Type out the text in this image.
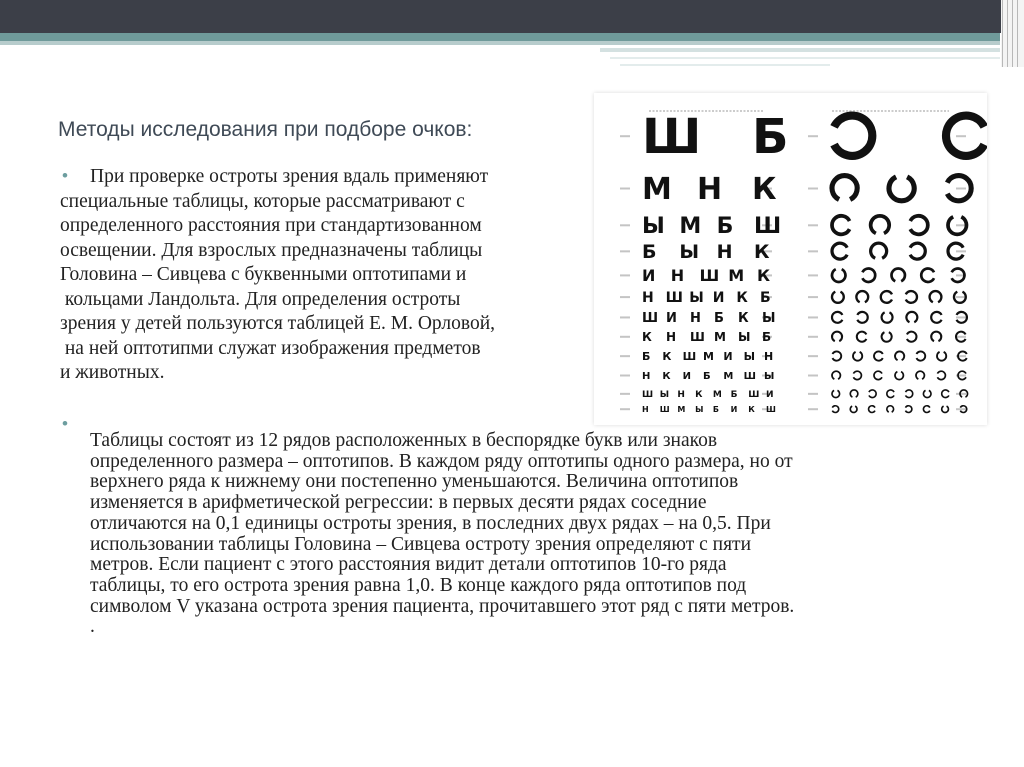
Методы исследования при подборе очков:
•	При проверке остроты зрения вдаль применяют
специальные таблицы, которые рассматривают с
определенного расстояния при стандартизованном
освещении. Для взрослых предназначены таблицы
Головина – Сивцева с буквенными оптотипами и
кольцами Ландольта. Для определения остроты
зрения у детей пользуются таблицей Е. М. Орловой,
на ней оптотипми служат изображения предметов
и животных.
•
Таблицы состоят из 12 рядов расположенных в беспорядке букв или знаков
определенного размера – оптотипов. В каждом ряду оптотипы одного размера, но от
верхнего ряда к нижнему они постепенно уменьшаются. Величина оптотипов
изменяется в арифметической регрессии: в первых десяти рядах соседние
отличаются на 0,1 единицы остроты зрения, в последних двух рядах – на 0,5. При
использовании таблицы Головина – Сивцева остроту зрения определяют с пяти
метров. Если пациент с этого расстояния видит детали оптотипов 10-го ряда
таблицы, то его острота зрения равна 1,0. В конце каждого ряда оптотипов под
символом V указана острота зрения пациента, прочитавшего этот ряд с пяти метров.
.
Ш Б
М Н К
Ы М Б Ш
Б Ы Н К
И Н Ш М К
Н Ш Ы И К Б
Ш И Н Б К Ы
К Н Ш М Ы Б
Б К Ш М И Ы Н
Н К И Б М Ш Ы
Ш Ы Н К М Б Ш И
Н Ш М Ы Б И К Ш
